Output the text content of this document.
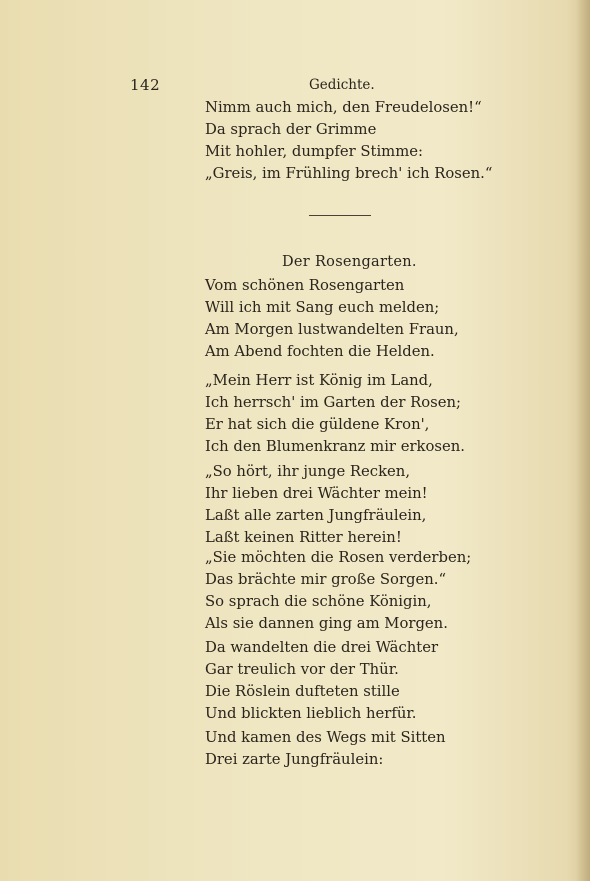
142	Gedichte.
Nimm auch mich, den Freudelosen!“
Da sprach der Grimme
Mit hohler, dumpfer Stimme:
„Greis, im Frühling brech' ich Rosen.“
Der Rosengarten.
Vom schönen Rosengarten
Will ich mit Sang euch melden;
Am Morgen lustwandelten Fraun,
Am Abend fochten die Helden.
„Mein Herr ist König im Land,
Ich herrsch' im Garten der Rosen;
Er hat sich die güldene Kron',
Ich den Blumenkranz mir erkosen.
„So hört, ihr junge Recken,
Ihr lieben drei Wächter mein!
Laßt alle zarten Jungfräulein,
Laßt keinen Ritter herein!
„Sie möchten die Rosen verderben;
Das brächte mir große Sorgen.“
So sprach die schöne Königin,
Als sie dannen ging am Morgen.
Da wandelten die drei Wächter
Gar treulich vor der Thür.
Die Röslein dufteten stille
Und blickten lieblich herfür.
Und kamen des Wegs mit Sitten
Drei zarte Jungfräulein:
